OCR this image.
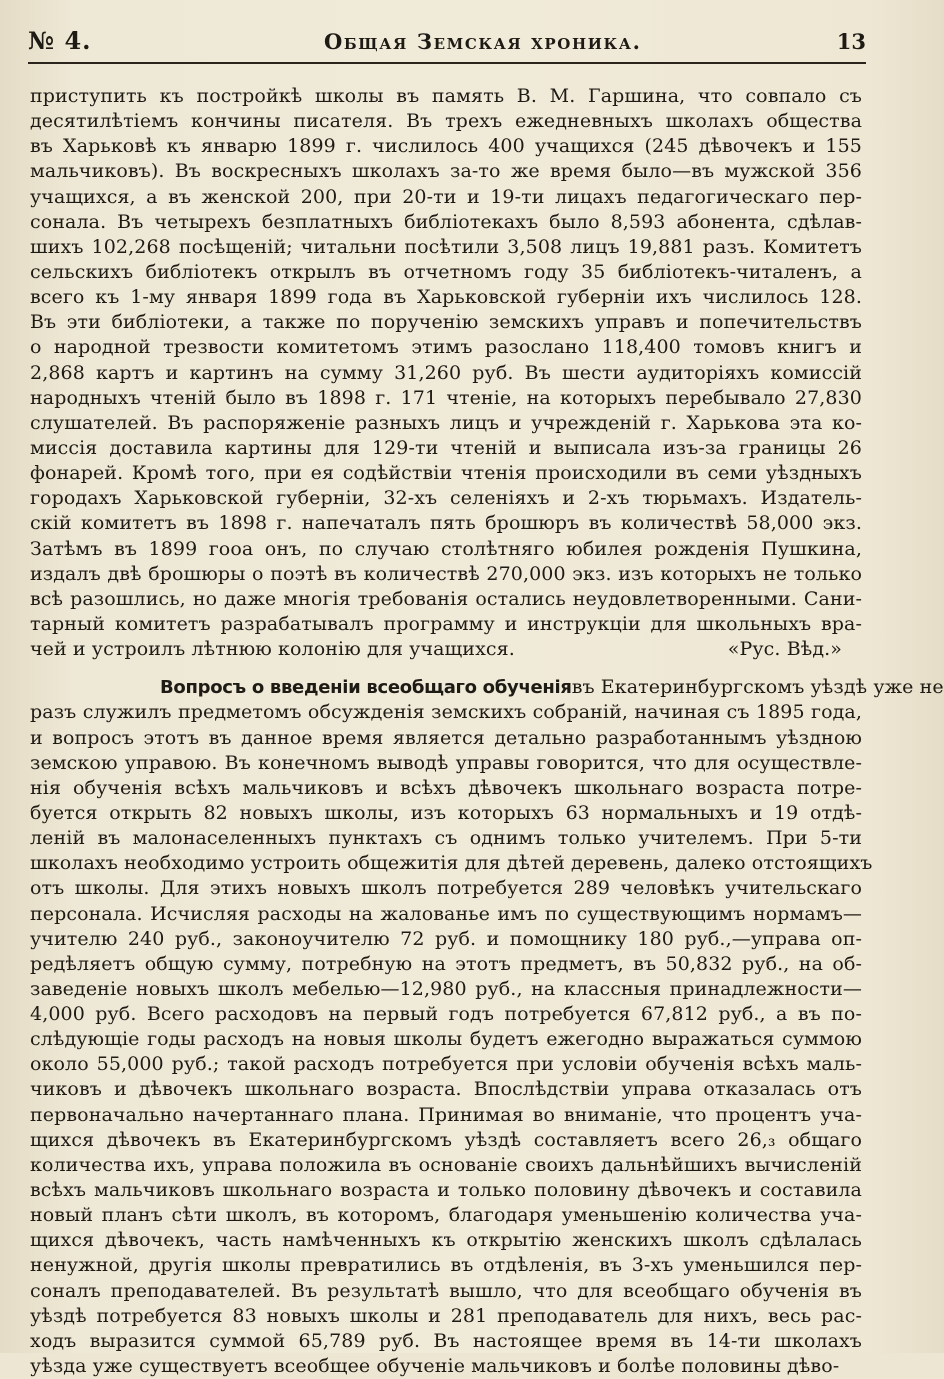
№ 4.	Общая Земская хроника.	13
приступить къ постройкѣ школы въ память В. М. Гаршина, что совпало съ
десятилѣтіемъ кончины писателя. Въ трехъ ежедневныхъ школахъ общества
въ Харьковѣ къ январю 1899 г. числилось 400 учащихся (245 дѣвочекъ и 155
мальчиковъ). Въ воскресныхъ школахъ за-то же время было—въ мужской 356
учащихся, а въ женской 200, при 20-ти и 19-ти лицахъ педагогическаго пер-
сонала. Въ четырехъ безплатныхъ библіотекахъ было 8,593 абонента, сдѣлав-
шихъ 102,268 посѣщеній; читальни посѣтили 3,508 лицъ 19,881 разъ. Комитетъ
сельскихъ библіотекъ открылъ въ отчетномъ году 35 библіотекъ-читаленъ, а
всего къ 1-му января 1899 года въ Харьковской губерніи ихъ числилось 128.
Въ эти библіотеки, а также по порученію земскихъ управъ и попечительствъ
о народной трезвости комитетомъ этимъ разослано 118,400 томовъ книгъ и
2,868 картъ и картинъ на сумму 31,260 руб. Въ шести аудиторіяхъ комиссій
народныхъ чтеній было въ 1898 г. 171 чтеніе, на которыхъ перебывало 27,830
слушателей. Въ распоряженіе разныхъ лицъ и учрежденій г. Харькова эта ко-
миссія доставила картины для 129-ти чтеній и выписала изъ-за границы 26
фонарей. Кромѣ того, при ея содѣйствіи чтенія происходили въ семи уѣздныхъ
городахъ Харьковской губерніи, 32-хъ селеніяхъ и 2-хъ тюрьмахъ. Издатель-
скій комитетъ въ 1898 г. напечаталъ пять брошюръ въ количествѣ 58,000 экз.
Затѣмъ въ 1899 гооа онъ, по случаю столѣтняго юбилея рожденія Пушкина,
издалъ двѣ брошюры о поэтѣ въ количествѣ 270,000 экз. изъ которыхъ не только
всѣ разошлись, но даже многія требованія остались неудовлетворенными. Сани-
тарный комитетъ разрабатывалъ программу и инструкціи для школьныхъ вра-
чей и устроилъ лѣтнюю колонію для учащихся.	«Рус. Вѣд.»
Вопросъ о введеніи всеобщаго обученія въ Екатеринбургскомъ уѣздѣ уже не
разъ служилъ предметомъ обсужденія земскихъ собраній, начиная съ 1895 года,
и вопросъ этотъ въ данное время является детально разработаннымъ уѣздною
земскою управою. Въ конечномъ выводѣ управы говорится, что для осуществле-
нія обученія всѣхъ мальчиковъ и всѣхъ дѣвочекъ школьнаго возраста потре-
буется открыть 82 новыхъ школы, изъ которыхъ 63 нормальныхъ и 19 отдѣ-
леній въ малонаселенныхъ пунктахъ съ однимъ только учителемъ. При 5-ти
школахъ необходимо устроить общежитія для дѣтей деревень, далеко отстоящихъ
отъ школы. Для этихъ новыхъ школъ потребуется 289 человѣкъ учительскаго
персонала. Исчисляя расходы на жалованье имъ по существующимъ нормамъ—
учителю 240 руб., законоучителю 72 руб. и помощнику 180 руб.,—управа оп-
редѣляетъ общую сумму, потребную на этотъ предметъ, въ 50,832 руб., на об-
заведеніе новыхъ школъ мебелью—12,980 руб., на классныя принадлежности—
4,000 руб. Всего расходовъ на первый годъ потребуется 67,812 руб., а въ по-
слѣдующіе годы расходъ на новыя школы будетъ ежегодно выражаться суммою
около 55,000 руб.; такой расходъ потребуется при условіи обученія всѣхъ маль-
чиковъ и дѣвочекъ школьнаго возраста. Впослѣдствіи управа отказалась отъ
первоначально начертаннаго плана. Принимая во вниманіе, что процентъ уча-
щихся дѣвочекъ въ Екатеринбургскомъ уѣздѣ составляетъ всего 26,₃ общаго
количества ихъ, управа положила въ основаніе своихъ дальнѣйшихъ вычисленій
всѣхъ мальчиковъ школьнаго возраста и только половину дѣвочекъ и составила
новый планъ сѣти школъ, въ которомъ, благодаря уменьшенію количества уча-
щихся дѣвочекъ, часть намѣченныхъ къ открытію женскихъ школъ сдѣлалась
ненужной, другія школы превратились въ отдѣленія, въ 3-хъ уменьшился пер-
соналъ преподавателей. Въ результатѣ вышло, что для всеобщаго обученія въ
уѣздѣ потребуется 83 новыхъ школы и 281 преподаватель для нихъ, весь рас-
ходъ выразится суммой 65,789 руб. Въ настоящее время въ 14-ти школахъ
уѣзда уже существуетъ всеобщее обученіе мальчиковъ и болѣе половины дѣво-
